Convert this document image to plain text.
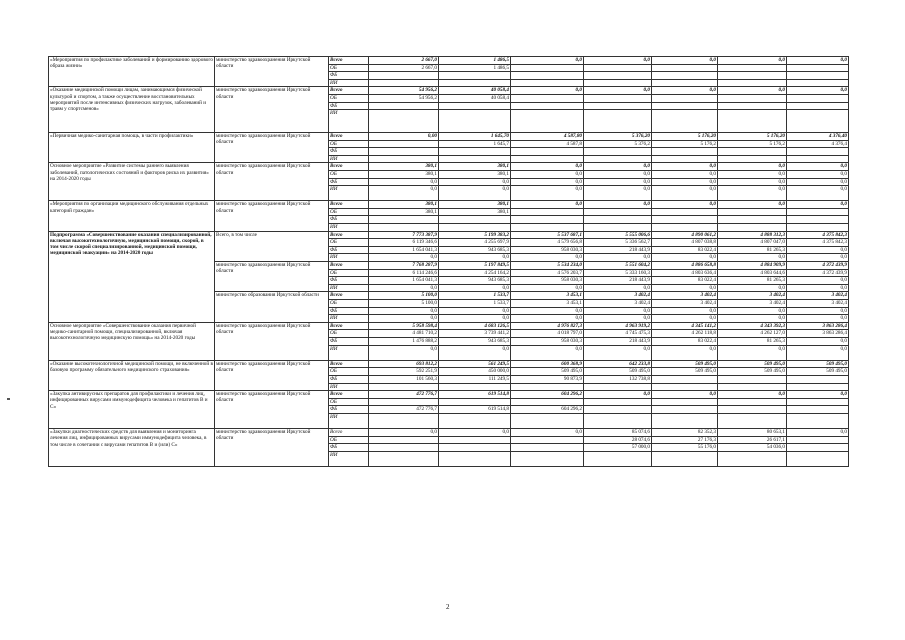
«Мероприятия по профилактике заболеваний и формированию здорового образа жизни»	министерство здравоохранения Иркутской области	Всего	2 667,0	1 486,5	0,0	0,0	0,0	0,0	0,0
		ОБ	2 667,0	1 486,5					
		ФБ							
		ИИ							
«Оказание медицинской помощи лицам, занимающимся физической культурой и спортом, а также осуществление восстановительных мероприятий после интенсивных физических нагрузок, заболеваний и травм у спортсменов»	министерство здравоохранения Иркутской области	Всего	54 956,2	40 058,4	0,0	0,0	0,0	0,0	0,0
		ОБ	54 956,2	40 058,4					
		ФБ							
		ИИ							
«Первичная медико-санитарная помощь, в части профилактики»	министерство здравоохранения Иркутской области	Всего	0,00	1 645,70	4 587,80	5 376,20	5 176,20	5 176,20	4 376,40
		ОБ		1 645,7	4 587,8	5 376,2	5 176,2	5 176,2	4 376,4
		ФБ							
		ИИ							
Основное мероприятие «Развитие системы раннего выявления заболеваний, патологических состояний и факторов риска их развития» на 2014-2020 годы	министерство здравоохранения Иркутской области	Всего	380,1	380,1	0,0	0,0	0,0	0,0	0,0
		ОБ	380,1	380,1	0,0	0,0	0,0	0,0	0,0
		ФБ	0,0	0,0	0,0	0,0	0,0	0,0	0,0
		ИИ	0,0	0,0	0,0	0,0	0,0	0,0	0,0
«Мероприятия по организации медицинского обслуживания отдельных категорий граждан»	министерство здравоохранения Иркутской области	Всего	380,1	380,1	0,0	0,0	0,0	0,0	0,0
		ОБ	380,1	380,1					
		ФБ							
		ИИ							
Подпрограмма «Совершенствование оказания специализированной, включая высокотехнологичную, медицинской помощи, скорой, в том числе скорой специализированной, медицинской помощи, медицинской эвакуации» на 2014-2020 годы	Всего, в том числе	Всего	7 773 387,9	5 199 383,2	5 537 687,1	5 555 006,6	4 890 061,2	4 888 312,3	4 375 842,3
		ОБ	6 119 346,6	4 255 697,9	4 579 656,8	5 336 562,7	4 807 038,8	4 807 047,0	4 375 842,3
		ФБ	1 654 041,3	943 685,3	958 030,3	218 443,9	83 022,4	81 265,3	0,0
		ИИ	0,0	0,0	0,0	0,0	0,0	0,0	0,0
	министерство здравоохранения Иркутской области	Всего	7 768 287,9	5 197 849,5	5 534 234,0	5 551 604,2	4 886 658,8	4 884 909,9	4 372 439,9
		ОБ	6 114 246,6	4 254 164,2	4 576 203,7	5 333 160,3	4 803 636,4	4 803 644,6	4 372 439,9
		ФБ	1 654 041,3	943 685,3	958 030,3	218 443,9	83 022,4	81 265,3	0,0
		ИИ	0,0	0,0	0,0	0,0	0,0	0,0	0,0
	министерство образования Иркутской области	Всего	5 100,0	1 533,7	3 453,1	3 402,4	3 402,4	3 402,4	3 402,4
		ОБ	5 100,0	1 533,7	3 453,1	3 402,4	3 402,4	3 402,4	3 402,4
		ФБ	0,0	0,0	0,0	0,0	0,0	0,0	0,0
		ИИ	0,0	0,0	0,0	0,0	0,0	0,0	0,0
Основное мероприятие «Совершенствование оказания первичной медико-санитарной помощи, специализированной, включая высокотехнологичную медицинскую помощь» на 2014-2020 годы	министерство здравоохранения Иркутской области	Всего	5 958 598,4	4 683 126,5	4 976 827,3	4 963 919,2	4 345 141,2	4 343 392,3	3 863 286,4
		ОБ	4 481 710,2	3 739 441,2	4 018 797,0	4 745 475,3	4 262 118,8	4 262 127,0	3 863 286,4
		ФБ	1 476 888,2	943 685,3	958 030,3	218 443,9	83 022,4	81 265,3	0,0
		ИИ	0,0	0,0	0,0	0,0	0,0	0,0	0,0
«Оказание высокотехнологичной медицинской помощи, не включенной в базовую программу обязательного медицинского страхования»	министерство здравоохранения Иркутской области	Всего	693 812,2	561 249,5	600 368,9	642 233,8	509 495,0	509 495,0	509 495,0
		ОБ	592 251,9	450 000,0	509 495,0	509 495,0	509 495,0	509 495,0	509 495,0
		ФБ	101 560,3	111 249,5	90 873,9	132 738,8			
		ИИ							
«Закупка антивирусных препаратов для профилактики и лечения лиц, инфицированных вирусами иммунодефицита человека и гепатитов В и С»	министерство здравоохранения Иркутской области	Всего	472 776,7	619 514,8	604 296,2	0,0	0,0	0,0	0,0
		ОБ							
		ФБ	472 776,7	619 514,8	604 296,2				
		ИИ							
«Закупки диагностических средств для выявления и мониторинга лечения лиц, инфицированных вирусами иммунодефицита человека, в том числе в сочетании с вирусами гепатитов В и (или) С»	министерство здравоохранения Иркутской области	Всего	0,0	0,0	0,0	85 074,6	82 352,3	80 653,1	0,0
		ОБ				28 074,6	27 176,3	26 617,1	
		ФБ				57 000,0	55 176,0	54 036,0	
		ИИ							
2
